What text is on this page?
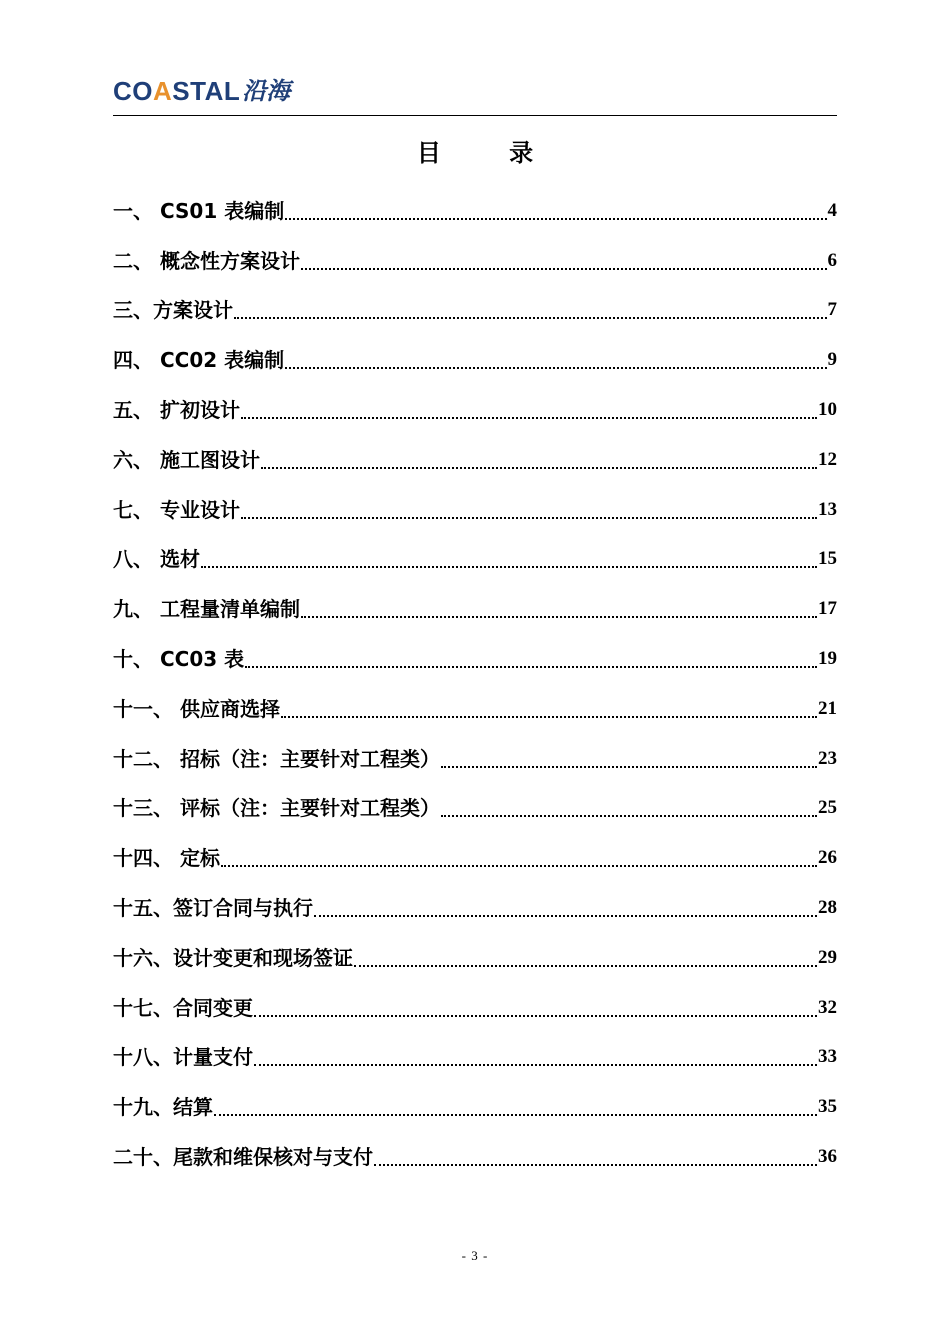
COASTAL 沿海
目 录
一、 CS01 表编制	4
二、 概念性方案设计	6
三、方案设计	7
四、 CC02 表编制	9
五、 扩初设计	10
六、 施工图设计	12
七、 专业设计	13
八、 选材	15
九、 工程量清单编制	17
十、 CC03 表	19
十一、 供应商选择	21
十二、 招标（注：主要针对工程类）	23
十三、 评标（注：主要针对工程类）	25
十四、 定标	26
十五、签订合同与执行	28
十六、设计变更和现场签证	29
十七、合同变更	32
十八、计量支付	33
十九、结算	35
二十、尾款和维保核对与支付	36
- 3 -
